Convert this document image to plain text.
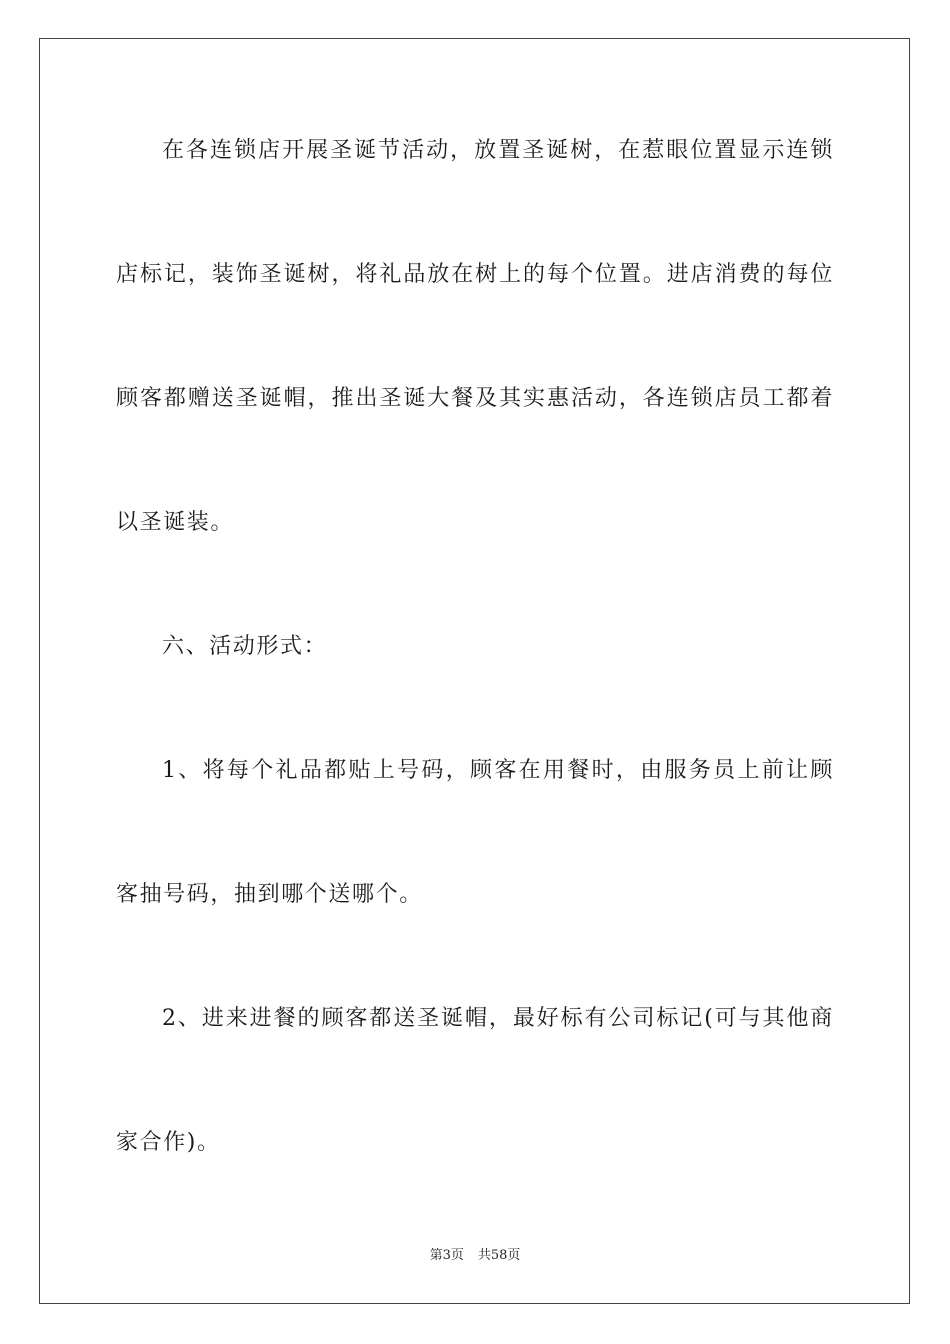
在各连锁店开展圣诞节活动，放置圣诞树，在惹眼位置显示连锁
店标记，装饰圣诞树，将礼品放在树上的每个位置。进店消费的每位
顾客都赠送圣诞帽，推出圣诞大餐及其实惠活动，各连锁店员工都着
以圣诞装。
六、活动形式：
1、将每个礼品都贴上号码，顾客在用餐时，由服务员上前让顾
客抽号码，抽到哪个送哪个。
2、进来进餐的顾客都送圣诞帽，最好标有公司标记(可与其他商
家合作)。
第3页 共58页
